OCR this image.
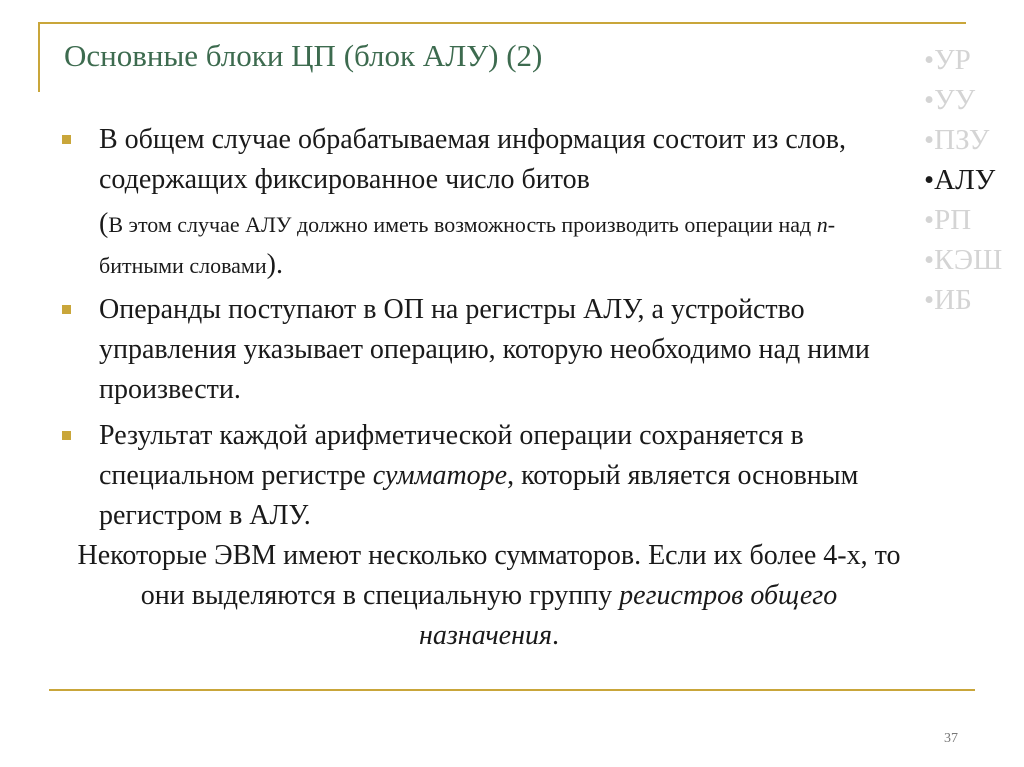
Основные блоки ЦП (блок АЛУ) (2)	•УР
•УУ
•ПЗУ
•АЛУ
•РП
•КЭШ
•ИБ
В общем случае обрабатываемая информация состоит из слов, содержащих фиксированное число битов
(В этом случае АЛУ должно иметь возможность производить операции над n-битными словами).
Операнды поступают в ОП на регистры АЛУ, а устройство управления указывает операцию, которую необходимо над ними произвести.
Результат каждой арифметической операции сохраняется в специальном регистре сумматоре, который является основным регистром в АЛУ.
Некоторые ЭВМ имеют несколько сумматоров. Если их более 4-х, то они выделяются в специальную группу регистров общего назначения.
37
